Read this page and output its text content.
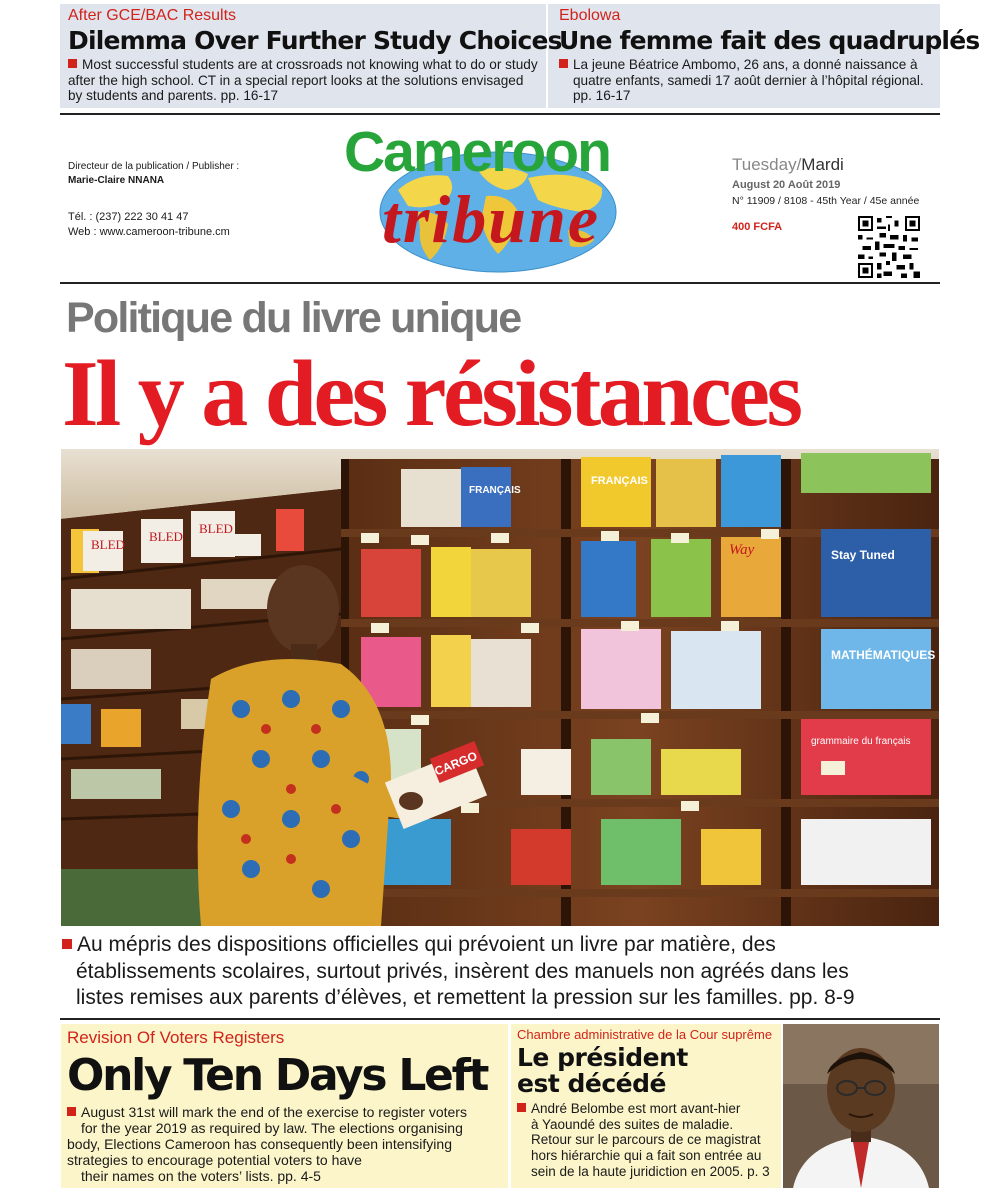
After GCE/BAC Results
Dilemma Over Further Study Choices
Most successful students are at crossroads not knowing what to do or study
after the high school. CT in a special report looks at the solutions envisaged
by students and parents. pp. 16-17
Ebolowa
Une femme fait des quadruplés
La jeune Béatrice Ambomo, 26 ans, a donné naissance à
quatre enfants, samedi 17 août dernier à l’hôpital régional.
pp. 16-17
Directeur de la publication / Publisher :
Marie-Claire NNANA
Tél. : (237) 222 30 41 47
Web : www.cameroon-tribune.cm
Cameroon
tribune
Tuesday/Mardi
August 20 Août 2019
N° 11909 / 8108 - 45th Year / 45e année
400 FCFA
Politique du livre unique
Il y a des résistances
BLED
BLED
BLED
FRANÇAIS
Stay Tuned
MATHÉMATIQUES
Way
grammaire du français
FRANÇAIS
CARGO

Au mépris des dispositions officielles qui prévoient un livre par matière, des

établissements scolaires, surtout privés, insèrent des manuels non agréés dans les

listes remises aux parents d’élèves, et remettent la pression sur les familles. pp. 8-9

Revision Of Voters Registers
Only Ten Days Left
August 31st will mark the end of the exercise to register voters
for the year 2019 as required by law. The elections organising
body, Elections Cameroon has consequently been intensifying
strategies to encourage potential voters to have
their names on the voters’ lists. pp. 4-5
Chambre administrative de la Cour suprême
Le président
est décédé
André Belombe est mort avant-hier
à Yaoundé des suites de maladie.
Retour sur le parcours de ce magistrat
hors hiérarchie qui a fait son entrée au
sein de la haute juridiction en 2005. p. 3
